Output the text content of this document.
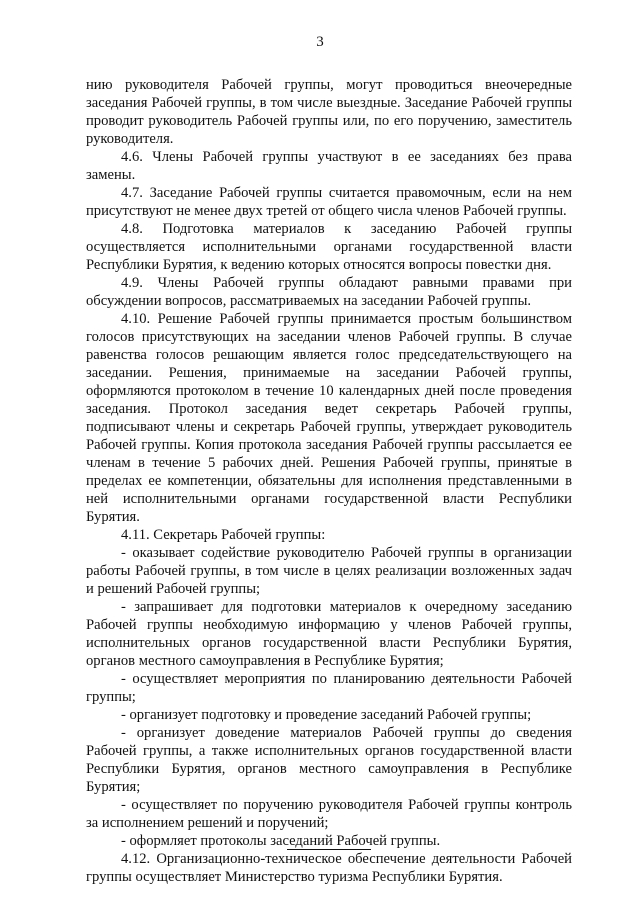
3

нию руководителя Рабочей группы, могут проводиться внеочередные заседания Рабочей группы, в том числе выездные. Заседание Рабочей группы проводит руководитель Рабочей группы или, по его поручению, заместитель руководителя.

4.6. Члены Рабочей группы участвуют в ее заседаниях без права замены.

4.7. Заседание Рабочей группы считается правомочным, если на нем присутствуют не менее двух третей от общего числа членов Рабочей группы.

4.8. Подготовка материалов к заседанию Рабочей группы осуществляется исполнительными органами государственной власти Республики Бурятия, к ведению которых относятся вопросы повестки дня.

4.9. Члены Рабочей группы обладают равными правами при обсуждении вопросов, рассматриваемых на заседании Рабочей группы.

4.10. Решение Рабочей группы принимается простым большинством голосов присутствующих на заседании членов Рабочей группы. В случае равенства голосов решающим является голос председательствующего на заседании. Решения, принимаемые на заседании Рабочей группы, оформляются протоколом в течение 10 календарных дней после проведения заседания. Протокол заседания ведет секретарь Рабочей группы, подписывают члены и секретарь Рабочей группы, утверждает руководитель Рабочей группы. Копия протокола заседания Рабочей группы рассылается ее членам в течение 5 рабочих дней. Решения Рабочей группы, принятые в пределах ее компетенции, обязательны для исполнения представленными в ней исполнительными органами государственной власти Республики Бурятия.

4.11. Секретарь Рабочей группы:

- оказывает содействие руководителю Рабочей группы в организации работы Рабочей группы, в том числе в целях реализации возложенных задач и решений Рабочей группы;

- запрашивает для подготовки материалов к очередному заседанию Рабочей группы необходимую информацию у членов Рабочей группы, исполнительных органов государственной власти Республики Бурятия, органов местного самоуправления в Республике Бурятия;

- осуществляет мероприятия по планированию деятельности Рабочей группы;

- организует подготовку и проведение заседаний Рабочей группы;

- организует доведение материалов Рабочей группы до сведения Рабочей группы, а также исполнительных органов государственной власти Республики Бурятия, органов местного самоуправления в Республике Бурятия;

- осуществляет по поручению руководителя Рабочей группы контроль за исполнением решений и поручений;

- оформляет протоколы заседаний Рабочей группы.

4.12. Организационно-техническое обеспечение деятельности Рабочей группы осуществляет Министерство туризма Республики Бурятия.
